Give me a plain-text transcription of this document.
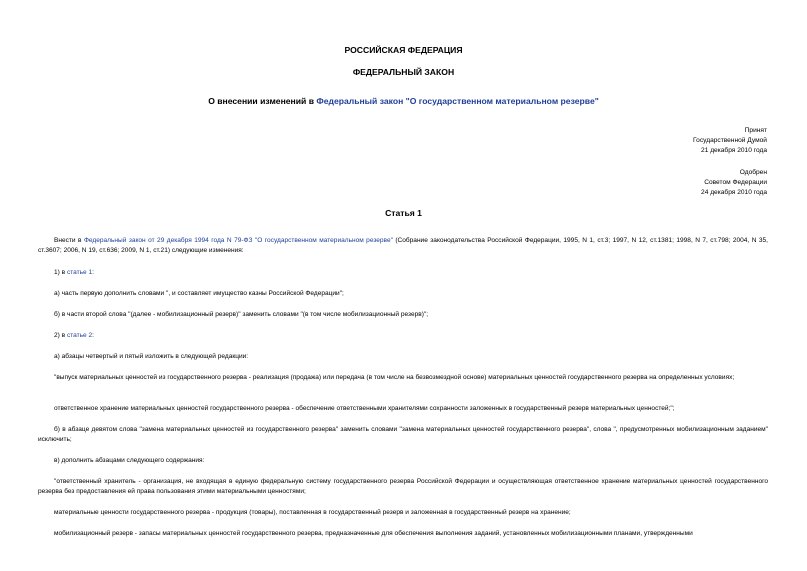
РОССИЙСКАЯ ФЕДЕРАЦИЯ
ФЕДЕРАЛЬНЫЙ ЗАКОН
О внесении изменений в Федеральный закон "О государственном материальном резерве"
Принят
Государственной Думой
21 декабря 2010 года
Одобрен
Советом Федерации
24 декабря 2010 года
Статья 1
Внести в Федеральный закон от 29 декабря 1994 года N 79-ФЗ "О государственном материальном резерве" (Собрание законодательства Российской Федерации, 1995, N 1, ст.3; 1997, N 12, ст.1381; 1998, N 7, ст.798; 2004, N 35, ст.3607; 2006, N 19, ст.636; 2009, N 1, ст.21) следующие изменения:
1) в статье 1:
а) часть первую дополнить словами ", и составляет имущество казны Российской Федерации";
б) в части второй слова "(далее - мобилизационный резерв)" заменить словами "(в том числе мобилизационный резерв)";
2) в статье 2:
а) абзацы четвертый и пятый изложить в следующей редакции:
"выпуск материальных ценностей из государственного резерва - реализация (продажа) или передача (в том числе на безвозмездной основе) материальных ценностей государственного резерва на определенных условиях;
ответственное хранение материальных ценностей государственного резерва - обеспечение ответственными хранителями сохранности заложенных в государственный резерв материальных ценностей;";
б) в абзаце девятом слова "замена материальных ценностей из государственного резерва" заменить словами "замена материальных ценностей государственного резерва", слова ", предусмотренных мобилизационным заданием" исключить;
в) дополнить абзацами следующего содержания:
"ответственный хранитель - организация, не входящая в единую федеральную систему государственного резерва Российской Федерации и осуществляющая ответственное хранение материальных ценностей государственного резерва без предоставления ей права пользования этими материальными ценностями;
материальные ценности государственного резерва - продукция (товары), поставленная в государственный резерв и заложенная в государственный резерв на хранение;
мобилизационный резерв - запасы материальных ценностей государственного резерва, предназначенные для обеспечения выполнения заданий, установленных мобилизационными планами, утвержденными
